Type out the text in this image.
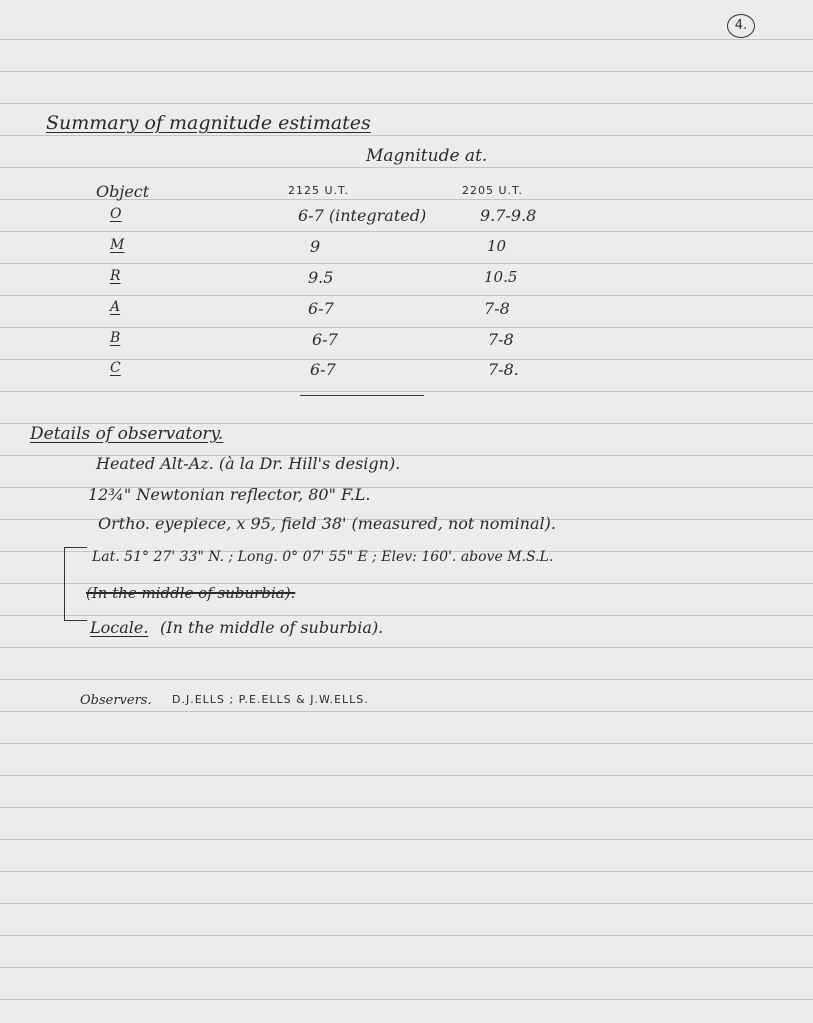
4.
Summary of magnitude estimates
Magnitude at.
Object	2125 U.T.	2205 U.T.
O	6-7 (integrated)	9.7-9.8
M	9	10
R	9.5	10.5
A	6-7	7-8
B	6-7	7-8
C	6-7	7-8.
Details of observatory.
Heated Alt-Az. (à la Dr. Hill's design).
12¾" Newtonian reflector, 80" F.L.
Ortho. eyepiece, x 95, field 38' (measured, not nominal).
Lat. 51° 27' 33" N. ; Long. 0° 07' 55" E ; Elev: 160'. above M.S.L.
(In the middle of suburbia).
Locale. (In the middle of suburbia).
Observers. D.J.ELLS ; P.E.ELLS & J.W.ELLS.
